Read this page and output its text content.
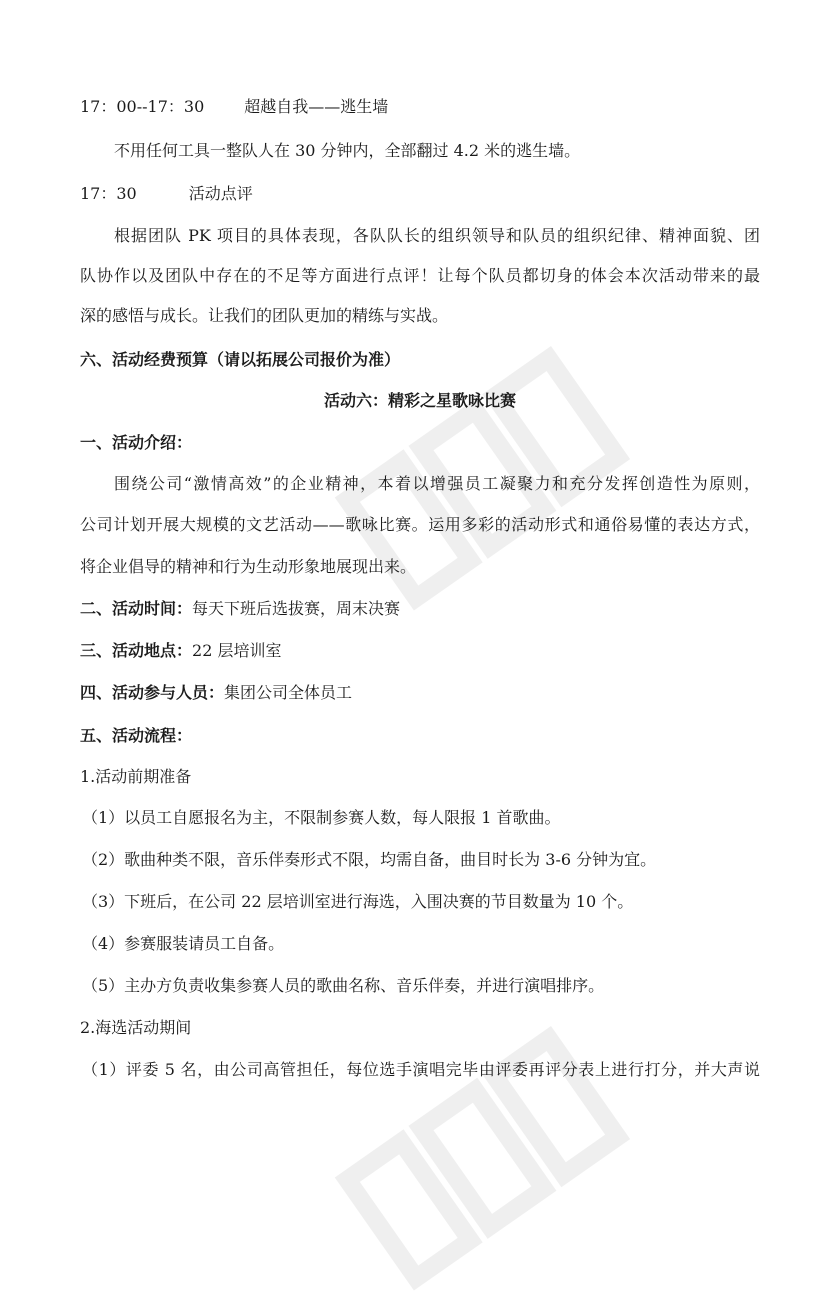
17：00--17：30	超越自我——逃生墙
不用任何工具一整队人在 30 分钟内，全部翻过 4.2 米的逃生墙。
17：30	活动点评
根据团队 PK 项目的具体表现，各队队长的组织领导和队员的组织纪律、精神面貌、团
队协作以及团队中存在的不足等方面进行点评！让每个队员都切身的体会本次活动带来的最
深的感悟与成长。让我们的团队更加的精练与实战。
六、活动经费预算（请以拓展公司报价为准）
活动六：精彩之星歌咏比赛
一、活动介绍：
围绕公司“激情高效”的企业精神，本着以增强员工凝聚力和充分发挥创造性为原则，
公司计划开展大规模的文艺活动——歌咏比赛。运用多彩的活动形式和通俗易懂的表达方式，
将企业倡导的精神和行为生动形象地展现出来。
二、活动时间：每天下班后选拔赛，周末决赛
三、活动地点：22 层培训室
四、活动参与人员：集团公司全体员工
五、活动流程：
1.活动前期准备
（1）以员工自愿报名为主，不限制参赛人数，每人限报 1 首歌曲。
（2）歌曲种类不限，音乐伴奏形式不限，均需自备，曲目时长为 3-6 分钟为宜。
（3）下班后，在公司 22 层培训室进行海选，入围决赛的节目数量为 10 个。
（4）参赛服装请员工自备。
（5）主办方负责收集参赛人员的歌曲名称、音乐伴奏，并进行演唱排序。
2.海选活动期间
（1）评委 5 名，由公司高管担任，每位选手演唱完毕由评委再评分表上进行打分，并大声说
